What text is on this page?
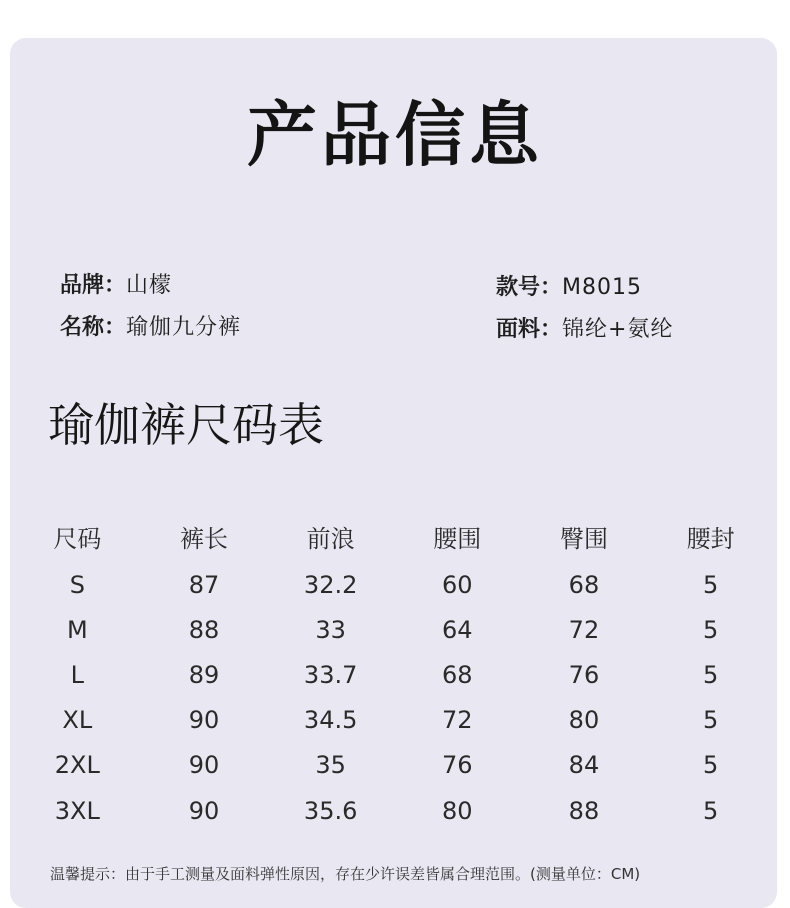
产品信息
品牌：山檬
名称：瑜伽九分裤
款号：M8015
面料：锦纶+氨纶
瑜伽裤尺码表
尺码	裤长	前浪	腰围	臀围	腰封
S	87	32.2	60	68	5
M	88	33	64	72	5
L	89	33.7	68	76	5
XL	90	34.5	72	80	5
2XL	90	35	76	84	5
3XL	90	35.6	80	88	5
温馨提示：由于手工测量及面料弹性原因，存在少许误差皆属合理范围。(测量单位：CM)
